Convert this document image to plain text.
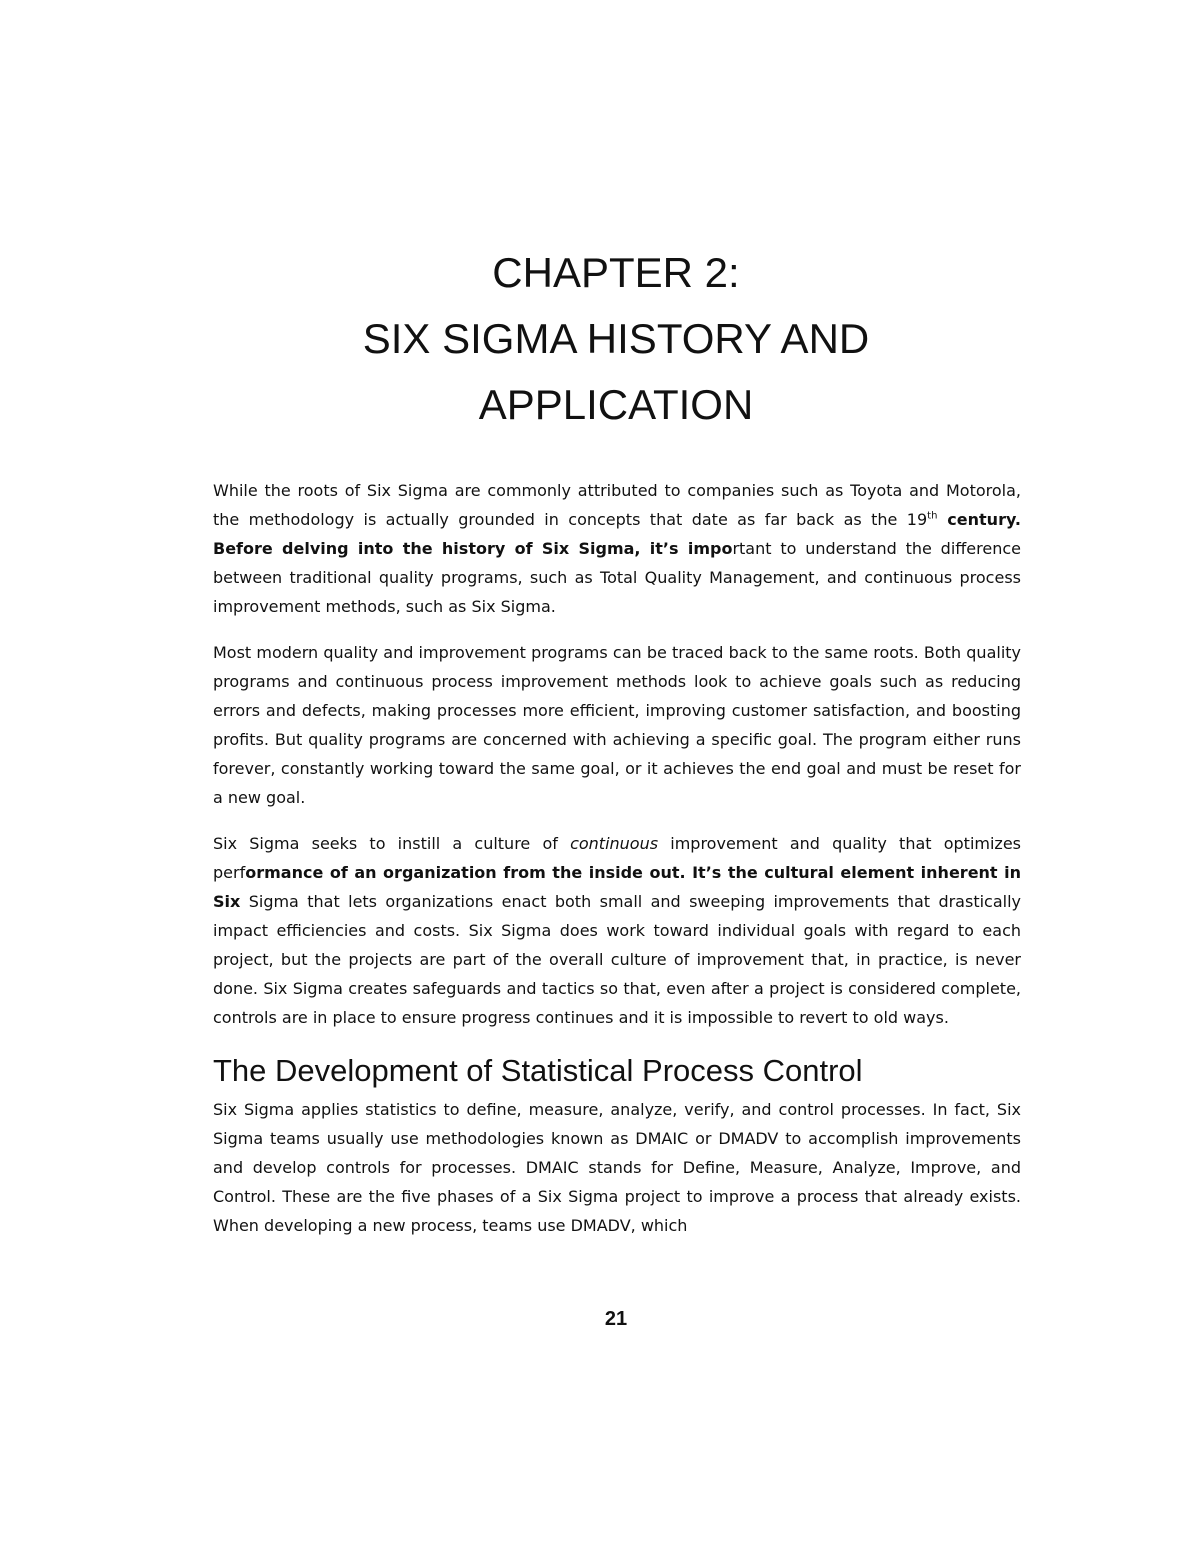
CHAPTER 2:
SIX SIGMA HISTORY AND
APPLICATION

While the roots of Six Sigma are commonly attributed to companies such as Toyota and Motorola, the methodology is actually grounded in concepts that date as far back as the 19th century. Before delving into the history of Six Sigma, it’s important to understand the difference between traditional quality programs, such as Total Quality Management, and continuous process improvement methods, such as Six Sigma.

Most modern quality and improvement programs can be traced back to the same roots. Both quality programs and continuous process improvement methods look to achieve goals such as reducing errors and defects, making processes more efficient, improving customer satisfaction, and boosting profits. But quality programs are concerned with achieving a specific goal. The program either runs forever, constantly working toward the same goal, or it achieves the end goal and must be reset for a new goal.

Six Sigma seeks to instill a culture of continuous improvement and quality that optimizes performance of an organization from the inside out. It’s the cultural element inherent in Six Sigma that lets organizations enact both small and sweeping improvements that drastically impact efficiencies and costs. Six Sigma does work toward individual goals with regard to each project, but the projects are part of the overall culture of improvement that, in practice, is never done. Six Sigma creates safeguards and tactics so that, even after a project is considered complete, controls are in place to ensure progress continues and it is impossible to revert to old ways.

The Development of Statistical Process Control

Six Sigma applies statistics to define, measure, analyze, verify, and control processes. In fact, Six Sigma teams usually use methodologies known as DMAIC or DMADV to accomplish improvements and develop controls for processes. DMAIC stands for Define, Measure, Analyze, Improve, and Control. These are the five phases of a Six Sigma project to improve a process that already exists. When developing a new process, teams use DMADV, which

21
